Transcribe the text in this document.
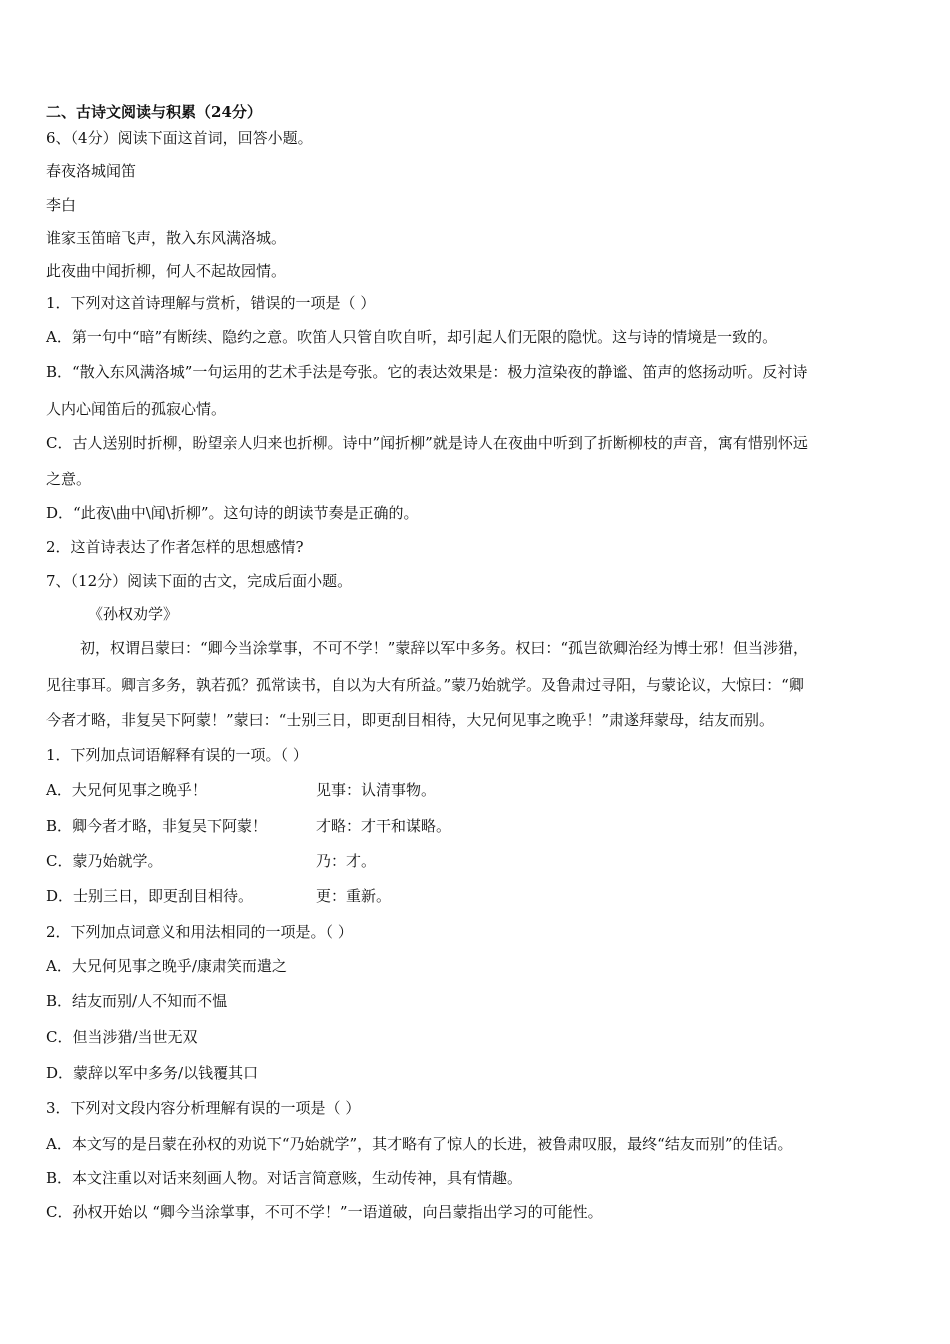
二、古诗文阅读与积累（24分）
6、（4分）阅读下面这首词，回答小题。
春夜洛城闻笛
李白
谁家玉笛暗飞声，散入东风满洛城。
此夜曲中闻折柳，何人不起故园情。
1．下列对这首诗理解与赏析，错误的一项是（ ）
A．第一句中“暗”有断续、隐约之意。吹笛人只管自吹自听，却引起人们无限的隐忧。这与诗的情境是一致的。
B．“散入东风满洛城”一句运用的艺术手法是夸张。它的表达效果是：极力渲染夜的静谧、笛声的悠扬动听。反衬诗
人内心闻笛后的孤寂心情。
C．古人送别时折柳，盼望亲人归来也折柳。诗中”闻折柳”就是诗人在夜曲中听到了折断柳枝的声音，寓有惜别怀远
之意。
D．“此夜\曲中\闻\折柳”。这句诗的朗读节奏是正确的。
2．这首诗表达了作者怎样的思想感情?
7、（12分）阅读下面的古文，完成后面小题。
《孙权劝学》
初，权谓吕蒙曰：“卿今当涂掌事，不可不学！”蒙辞以军中多务。权曰：“孤岂欲卿治经为博士邪！但当涉猎，
见往事耳。卿言多务，孰若孤？孤常读书，自以为大有所益。”蒙乃始就学。及鲁肃过寻阳，与蒙论议，大惊曰：“卿
今者才略，非复吴下阿蒙！”蒙曰：“士别三日，即更刮目相待，大兄何见事之晚乎！”肃遂拜蒙母，结友而别。
1．下列加点词语解释有误的一项。（ ）
A．大兄何见事之晚乎！	见事：认清事物。
B．卿今者才略，非复吴下阿蒙！	才略：才干和谋略。
C．蒙乃始就学。	乃：才。
D．士别三日，即更刮目相待。	更：重新。
2．下列加点词意义和用法相同的一项是。（ ）
A．大兄何见事之晚乎/康肃笑而遣之
B．结友而别/人不知而不愠
C．但当涉猎/当世无双
D．蒙辞以军中多务/以钱覆其口
3．下列对文段内容分析理解有误的一项是（ ）
A．本文写的是吕蒙在孙权的劝说下“乃始就学”，其才略有了惊人的长进，被鲁肃叹服，最终“结友而别”的佳话。
B．本文注重以对话来刻画人物。对话言简意赅，生动传神，具有情趣。
C．孙权开始以 “卿今当涂掌事，不可不学！”一语道破，向吕蒙指出学习的可能性。
